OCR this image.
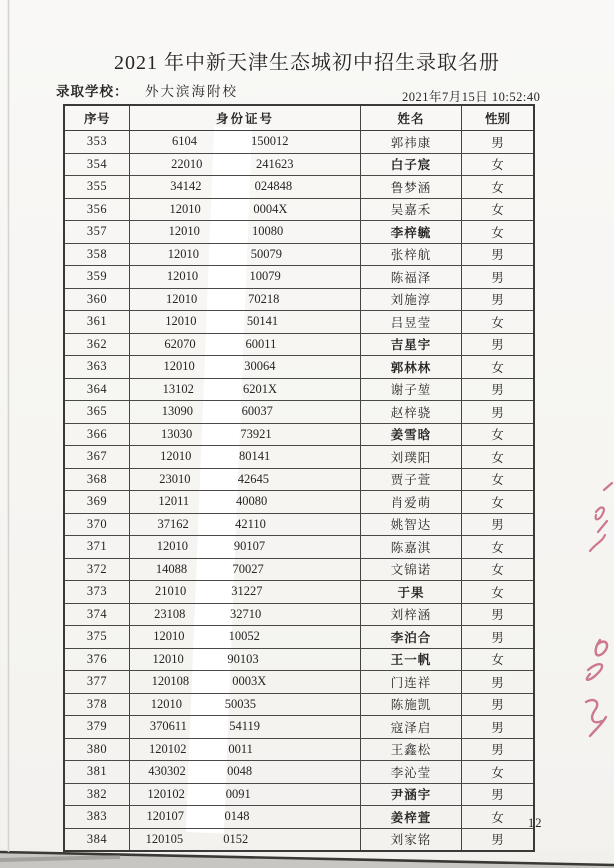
2021 年中新天津生态城初中招生录取名册
录取学校： 外大滨海附校	2021年7月15日 10:52:40
序号	身份证号	姓名	性别
353	6104	150012	郭祎康	男
354	22010	241623	白子宸	女
355	34142	024848	鲁梦涵	女
356	12010	0004X	吴嘉禾	女
357	12010	10080	李梓毓	女
358	12010	50079	张梓航	男
359	12010	10079	陈福泽	男
360	12010	70218	刘施淳	男
361	12010	50141	吕昱莹	女
362	62070	60011	吉星宇	男
363	12010	30064	郭林林	女
364	13102	6201X	谢子堃	男
365	13090	60037	赵梓骁	男
366	13030	73921	姜雪晗	女
367	12010	80141	刘璞阳	女
368	23010	42645	贾子萱	女
369	12011	40080	肖爱萌	女
370	37162	42110	姚智达	男
371	12010	90107	陈嘉淇	女
372	14088	70027	文锦诺	女
373	21010	31227	于果	女
374	23108	32710	刘梓涵	男
375	12010	10052	李泊合	男
376	12010	90103	王一帆	女
377	120108	0003X	门连祥	男
378	12010	50035	陈施凯	男
379	370611	54119	寇泽启	男
380	120102	0011	王鑫松	男
381	430302	0048	李沁莹	女
382	120102	0091	尹涵宇	男
383	120107	0148	姜梓萱	女
384	120105	0152	刘家铭	男
12
